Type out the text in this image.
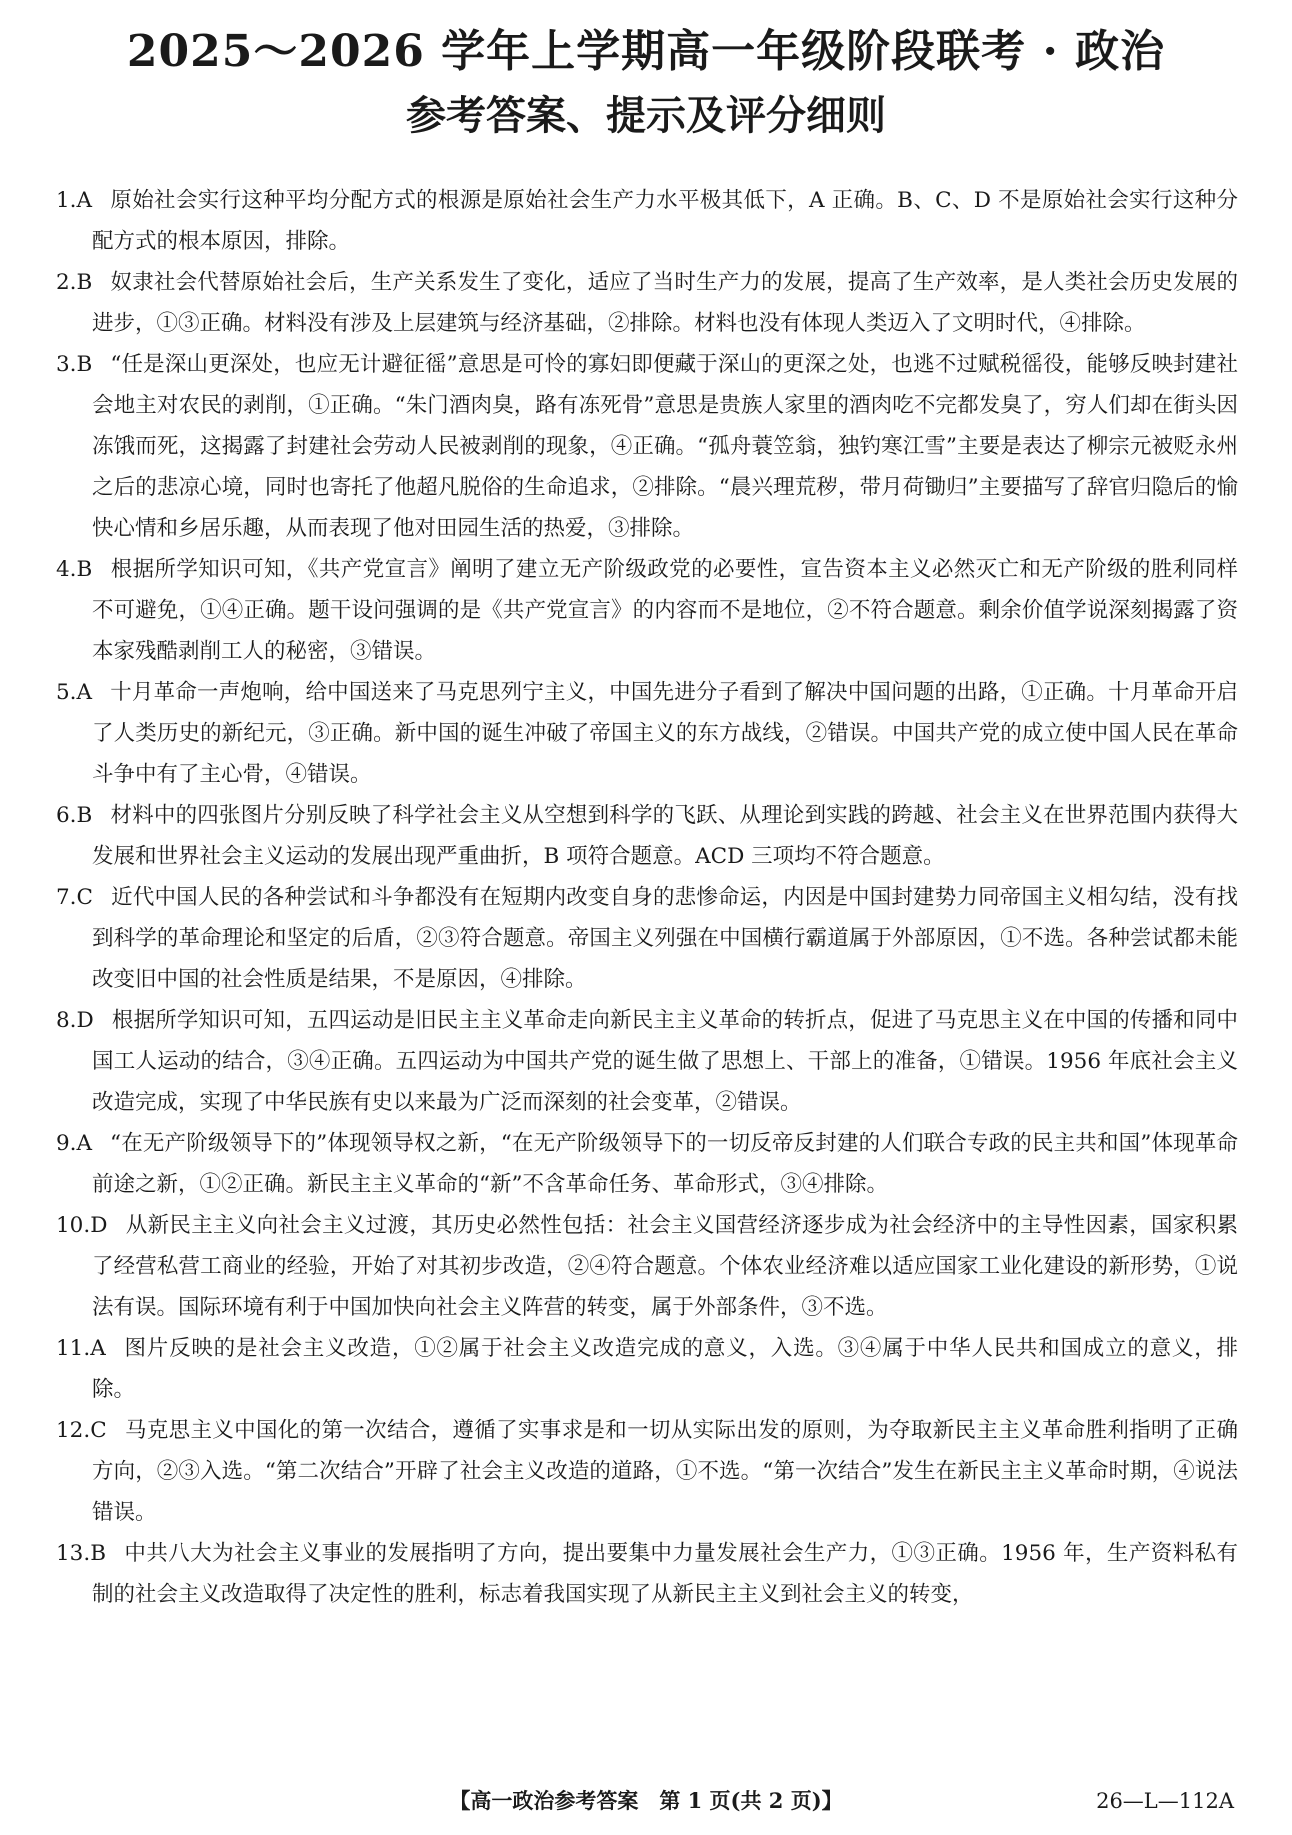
2025～2026 学年上学期高一年级阶段联考 · 政治
参考答案、提示及评分细则

1.A 原始社会实行这种平均分配方式的根源是原始社会生产力水平极其低下，A 正确。B、C、D 不是原始社会实行这种分配方式的根本原因，排除。

2.B 奴隶社会代替原始社会后，生产关系发生了变化，适应了当时生产力的发展，提高了生产效率，是人类社会历史发展的进步，①③正确。材料没有涉及上层建筑与经济基础，②排除。材料也没有体现人类迈入了文明时代，④排除。

3.B “任是深山更深处，也应无计避征徭”意思是可怜的寡妇即便藏于深山的更深之处，也逃不过赋税徭役，能够反映封建社会地主对农民的剥削，①正确。“朱门酒肉臭，路有冻死骨”意思是贵族人家里的酒肉吃不完都发臭了，穷人们却在街头因冻饿而死，这揭露了封建社会劳动人民被剥削的现象，④正确。“孤舟蓑笠翁，独钓寒江雪”主要是表达了柳宗元被贬永州之后的悲凉心境，同时也寄托了他超凡脱俗的生命追求，②排除。“晨兴理荒秽，带月荷锄归”主要描写了辞官归隐后的愉快心情和乡居乐趣，从而表现了他对田园生活的热爱，③排除。

4.B 根据所学知识可知，《共产党宣言》阐明了建立无产阶级政党的必要性，宣告资本主义必然灭亡和无产阶级的胜利同样不可避免，①④正确。题干设问强调的是《共产党宣言》的内容而不是地位，②不符合题意。剩余价值学说深刻揭露了资本家残酷剥削工人的秘密，③错误。

5.A 十月革命一声炮响，给中国送来了马克思列宁主义，中国先进分子看到了解决中国问题的出路，①正确。十月革命开启了人类历史的新纪元，③正确。新中国的诞生冲破了帝国主义的东方战线，②错误。中国共产党的成立使中国人民在革命斗争中有了主心骨，④错误。

6.B 材料中的四张图片分别反映了科学社会主义从空想到科学的飞跃、从理论到实践的跨越、社会主义在世界范围内获得大发展和世界社会主义运动的发展出现严重曲折，B 项符合题意。ACD 三项均不符合题意。

7.C 近代中国人民的各种尝试和斗争都没有在短期内改变自身的悲惨命运，内因是中国封建势力同帝国主义相勾结，没有找到科学的革命理论和坚定的后盾，②③符合题意。帝国主义列强在中国横行霸道属于外部原因，①不选。各种尝试都未能改变旧中国的社会性质是结果，不是原因，④排除。

8.D 根据所学知识可知，五四运动是旧民主主义革命走向新民主主义革命的转折点，促进了马克思主义在中国的传播和同中国工人运动的结合，③④正确。五四运动为中国共产党的诞生做了思想上、干部上的准备，①错误。1956 年底社会主义改造完成，实现了中华民族有史以来最为广泛而深刻的社会变革，②错误。

9.A “在无产阶级领导下的”体现领导权之新，“在无产阶级领导下的一切反帝反封建的人们联合专政的民主共和国”体现革命前途之新，①②正确。新民主主义革命的“新”不含革命任务、革命形式，③④排除。

10.D 从新民主主义向社会主义过渡，其历史必然性包括：社会主义国营经济逐步成为社会经济中的主导性因素，国家积累了经营私营工商业的经验，开始了对其初步改造，②④符合题意。个体农业经济难以适应国家工业化建设的新形势，①说法有误。国际环境有利于中国加快向社会主义阵营的转变，属于外部条件，③不选。

11.A 图片反映的是社会主义改造，①②属于社会主义改造完成的意义，入选。③④属于中华人民共和国成立的意义，排除。

12.C 马克思主义中国化的第一次结合，遵循了实事求是和一切从实际出发的原则，为夺取新民主主义革命胜利指明了正确方向，②③入选。“第二次结合”开辟了社会主义改造的道路，①不选。“第一次结合”发生在新民主主义革命时期，④说法错误。

13.B 中共八大为社会主义事业的发展指明了方向，提出要集中力量发展社会生产力，①③正确。1956 年，生产资料私有制的社会主义改造取得了决定性的胜利，标志着我国实现了从新民主主义到社会主义的转变，

【高一政治参考答案　第 1 页(共 2 页)】	26—L—112A
